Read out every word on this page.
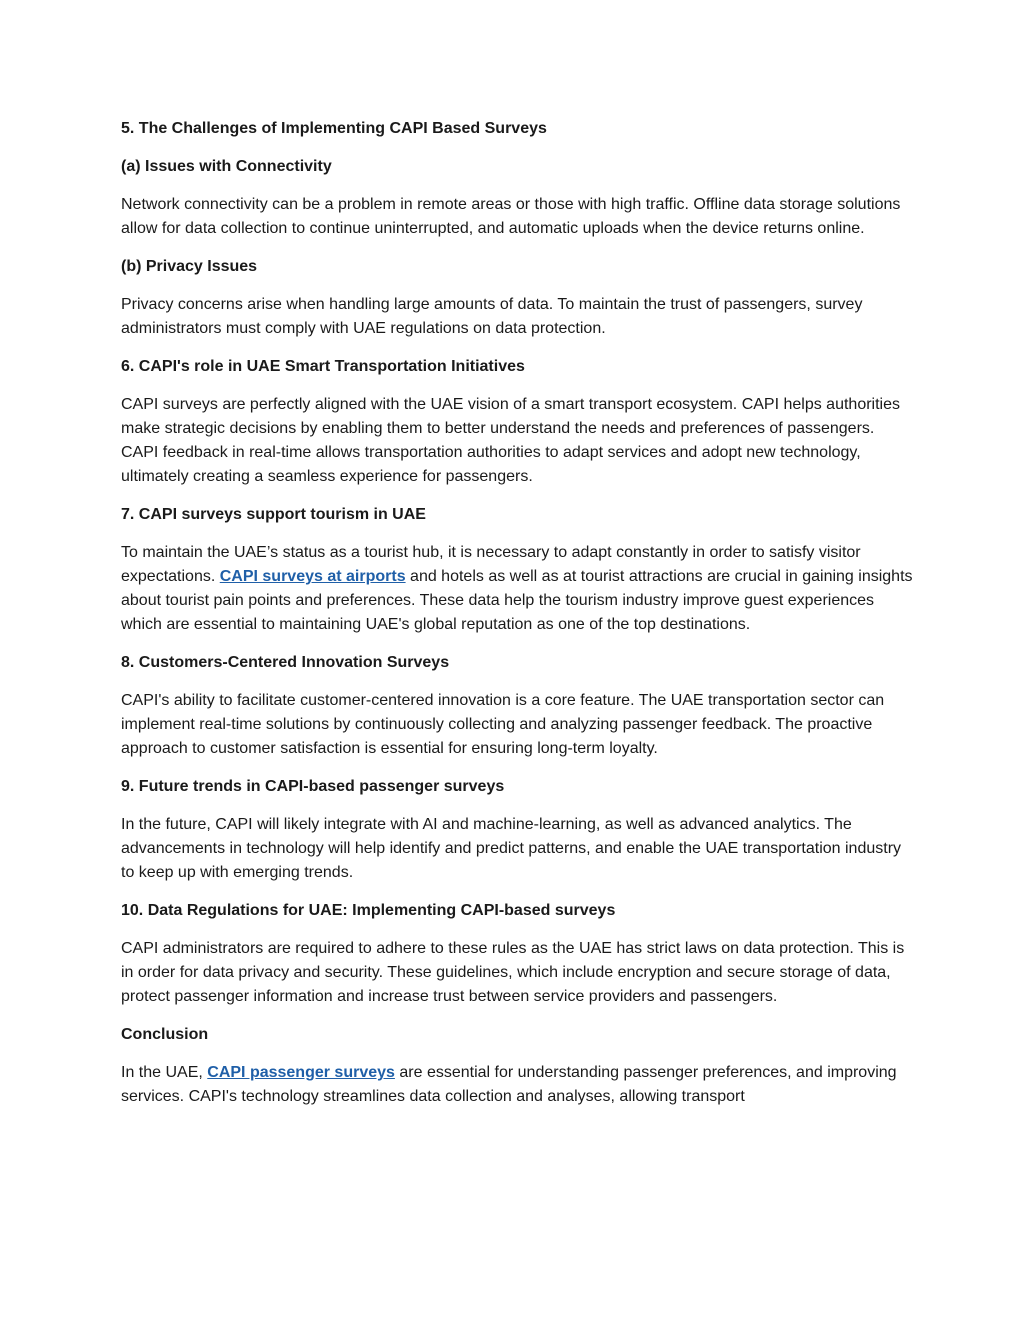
5. The Challenges of Implementing CAPI Based Surveys
(a) Issues with Connectivity

Network connectivity can be a problem in remote areas or those with high traffic. Offline data storage solutions allow for data collection to continue uninterrupted, and automatic uploads when the device returns online.

(b) Privacy Issues

Privacy concerns arise when handling large amounts of data. To maintain the trust of passengers, survey administrators must comply with UAE regulations on data protection.

6. CAPI's role in UAE Smart Transportation Initiatives

CAPI surveys are perfectly aligned with the UAE vision of a smart transport ecosystem. CAPI helps authorities make strategic decisions by enabling them to better understand the needs and preferences of passengers. CAPI feedback in real-time allows transportation authorities to adapt services and adopt new technology, ultimately creating a seamless experience for passengers.

7. CAPI surveys support tourism in UAE

To maintain the UAE’s status as a tourist hub, it is necessary to adapt constantly in order to satisfy visitor expectations. CAPI surveys at airports and hotels as well as at tourist attractions are crucial in gaining insights about tourist pain points and preferences. These data help the tourism industry improve guest experiences which are essential to maintaining UAE's global reputation as one of the top destinations.

8. Customers-Centered Innovation Surveys

CAPI's ability to facilitate customer-centered innovation is a core feature. The UAE transportation sector can implement real-time solutions by continuously collecting and analyzing passenger feedback. The proactive approach to customer satisfaction is essential for ensuring long-term loyalty.

9. Future trends in CAPI-based passenger surveys

In the future, CAPI will likely integrate with AI and machine-learning, as well as advanced analytics. The advancements in technology will help identify and predict patterns, and enable the UAE transportation industry to keep up with emerging trends.

10. Data Regulations for UAE: Implementing CAPI-based surveys

CAPI administrators are required to adhere to these rules as the UAE has strict laws on data protection. This is in order for data privacy and security. These guidelines, which include encryption and secure storage of data, protect passenger information and increase trust between service providers and passengers.

Conclusion

In the UAE, CAPI passenger surveys are essential for understanding passenger preferences, and improving services. CAPI's technology streamlines data collection and analyses, allowing transport
